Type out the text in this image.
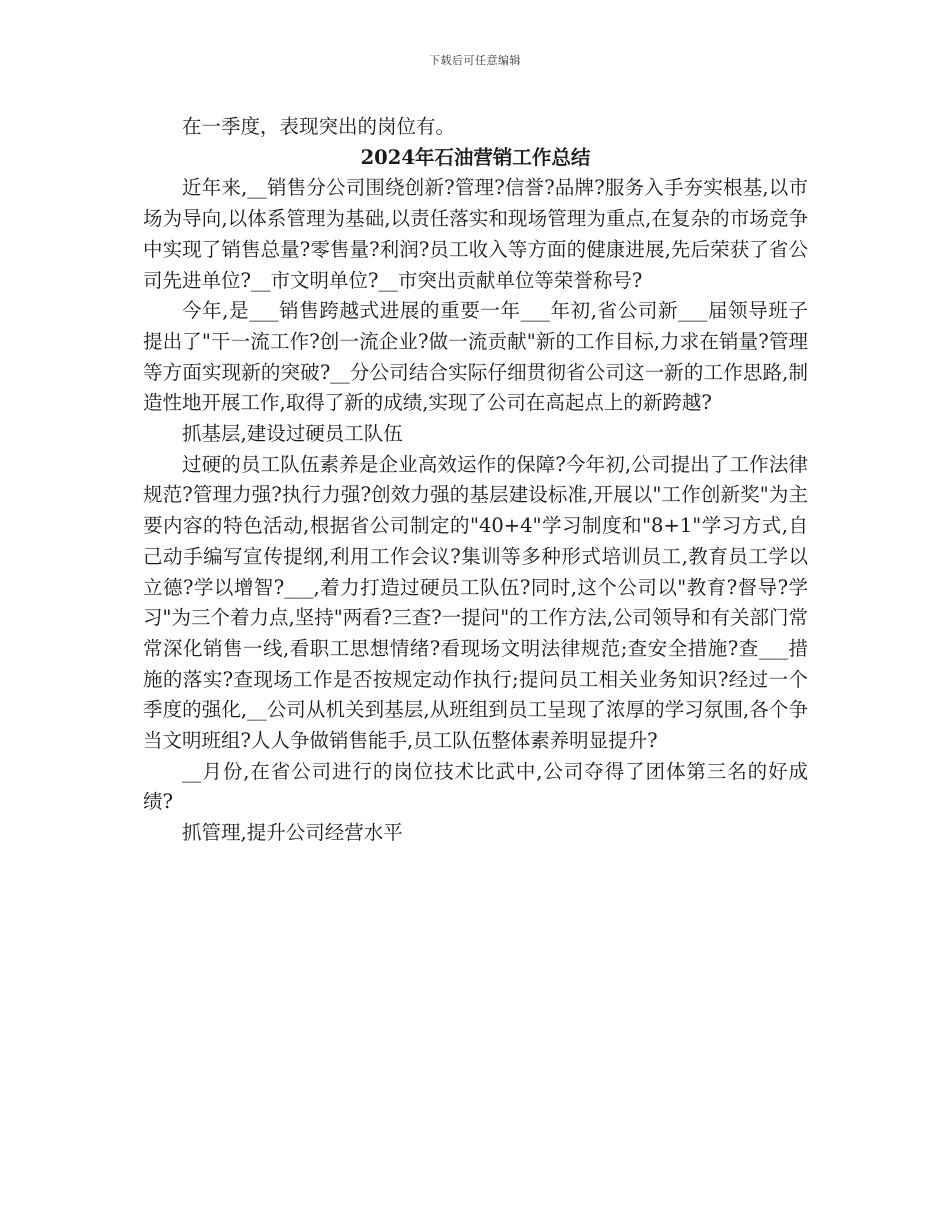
下载后可任意编辑

在一季度，表现突出的岗位有。

2024年石油营销工作总结

近年来,__销售分公司围绕创新?管理?信誉?品牌?服务入手夯实根基,以市场为导向,以体系管理为基础,以责任落实和现场管理为重点,在复杂的市场竞争中实现了销售总量?零售量?利润?员工收入等方面的健康进展,先后荣获了省公司先进单位?__市文明单位?__市突出贡献单位等荣誉称号?

今年,是___销售跨越式进展的重要一年___年初,省公司新___届领导班子提出了"干一流工作?创一流企业?做一流贡献"新的工作目标,力求在销量?管理等方面实现新的突破?__分公司结合实际仔细贯彻省公司这一新的工作思路,制造性地开展工作,取得了新的成绩,实现了公司在高起点上的新跨越?

抓基层,建设过硬员工队伍

过硬的员工队伍素养是企业高效运作的保障?今年初,公司提出了工作法律规范?管理力强?执行力强?创效力强的基层建设标准,开展以"工作创新奖"为主要内容的特色活动,根据省公司制定的"40+4"学习制度和"8+1"学习方式,自己动手编写宣传提纲,利用工作会议?集训等多种形式培训员工,教育员工学以立德?学以增智?___,着力打造过硬员工队伍?同时,这个公司以"教育?督导?学习"为三个着力点,坚持"两看?三查?一提问"的工作方法,公司领导和有关部门常常深化销售一线,看职工思想情绪?看现场文明法律规范;查安全措施?查___措施的落实?查现场工作是否按规定动作执行;提问员工相关业务知识?经过一个季度的强化,__公司从机关到基层,从班组到员工呈现了浓厚的学习氛围,各个争当文明班组?人人争做销售能手,员工队伍整体素养明显提升?

__月份,在省公司进行的岗位技术比武中,公司夺得了团体第三名的好成绩?

抓管理,提升公司经营水平
